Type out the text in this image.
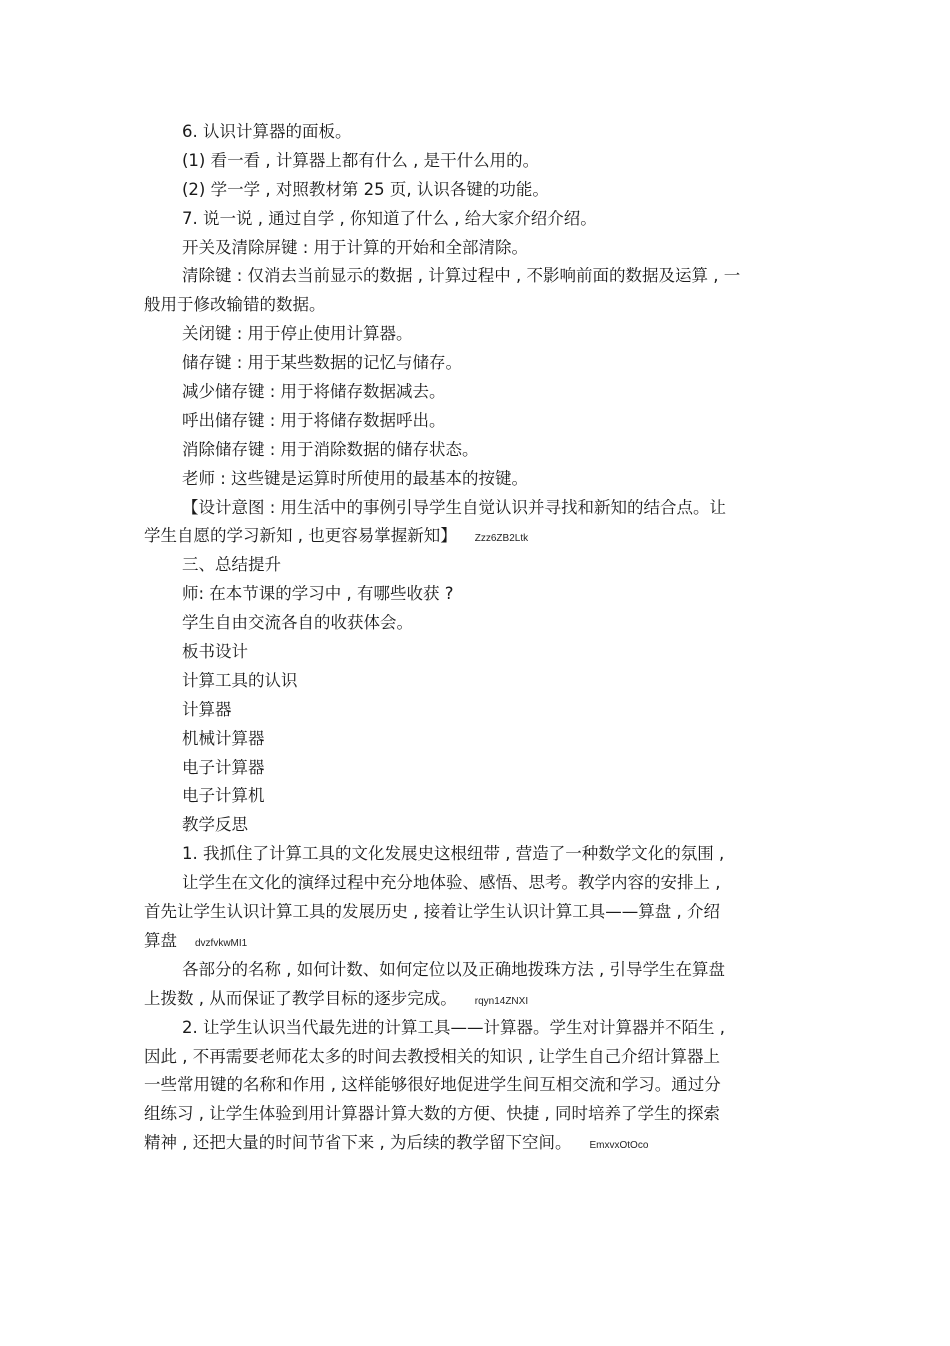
6. 认识计算器的面板。
(1) 看一看 , 计算器上都有什么 , 是干什么用的。
(2) 学一学 , 对照教材第 25 页, 认识各键的功能。
7. 说一说 , 通过自学 , 你知道了什么 , 给大家介绍介绍。
开关及清除屏键 : 用于计算的开始和全部清除。
清除键 : 仅消去当前显示的数据 , 计算过程中 , 不影响前面的数据及运算 , 一
般用于修改输错的数据。
关闭键 : 用于停止使用计算器。
储存键 : 用于某些数据的记忆与储存。
减少储存键 : 用于将储存数据减去。
呼出储存键 : 用于将储存数据呼出。
消除储存键 : 用于消除数据的储存状态。
老师 : 这些键是运算时所使用的最基本的按键。
【设计意图 : 用生活中的事例引导学生自觉认识并寻找和新知的结合点。让
学生自愿的学习新知 , 也更容易掌握新知】 Zzz6ZB2Ltk
三、总结提升
师: 在本节课的学习中 , 有哪些收获 ?
学生自由交流各自的收获体会。
板书设计
计算工具的认识
计算器
机械计算器
电子计算器
电子计算机
教学反思
1. 我抓住了计算工具的文化发展史这根纽带 , 营造了一种数学文化的氛围 ,
让学生在文化的演绎过程中充分地体验、感悟、思考。教学内容的安排上 ,
首先让学生认识计算工具的发展历史 , 接着让学生认识计算工具——算盘 , 介绍
算盘 dvzfvkwMI1
各部分的名称 , 如何计数、如何定位以及正确地拨珠方法 , 引导学生在算盘
上拨数 , 从而保证了教学目标的逐步完成。 rqyn14ZNXI
2. 让学生认识当代最先进的计算工具——计算器。学生对计算器并不陌生 ,
因此 , 不再需要老师花太多的时间去教授相关的知识 , 让学生自己介绍计算器上
一些常用键的名称和作用 , 这样能够很好地促进学生间互相交流和学习。通过分
组练习 , 让学生体验到用计算器计算大数的方便、快捷 , 同时培养了学生的探索
精神 , 还把大量的时间节省下来 , 为后续的教学留下空间。 EmxvxOtOco
